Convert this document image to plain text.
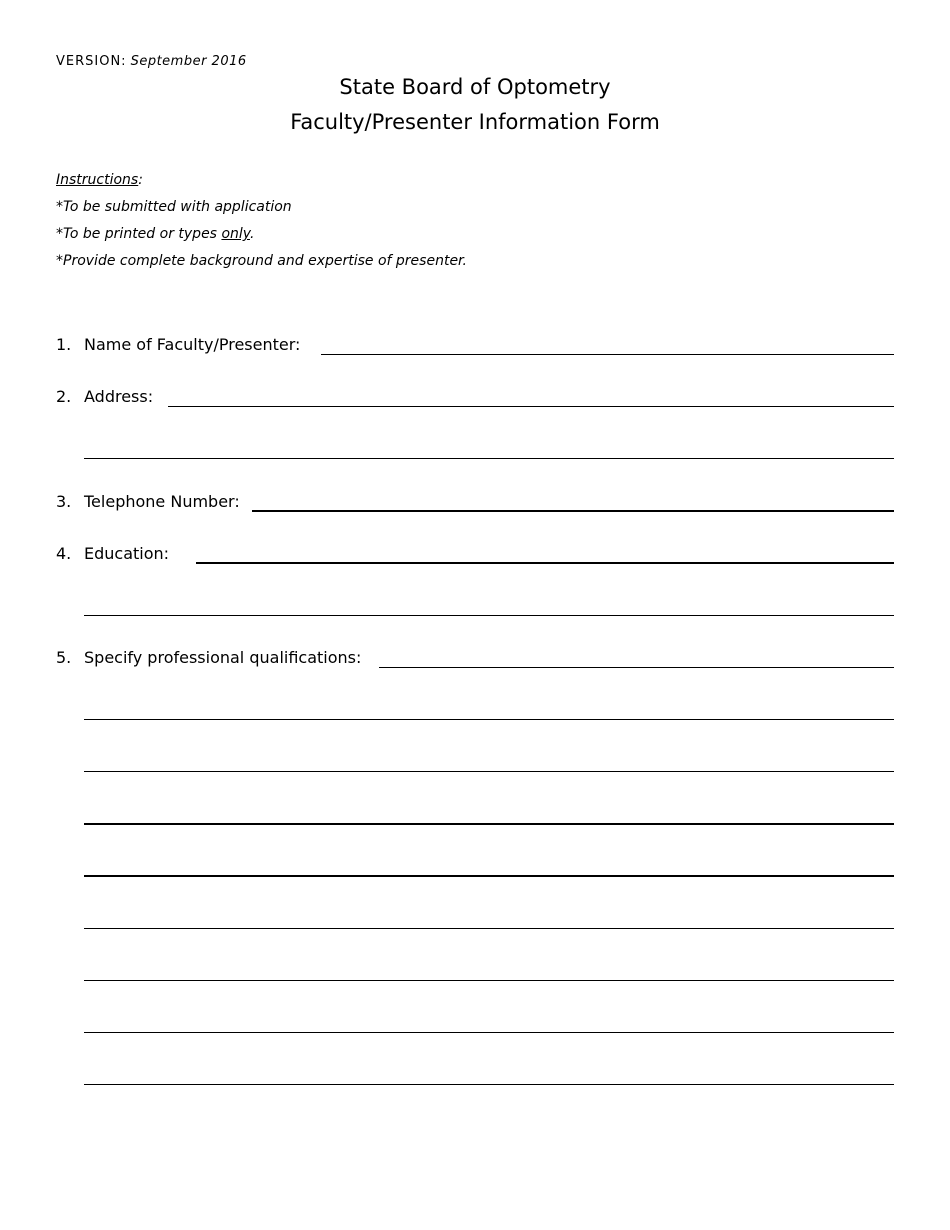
VERSION: September 2016
State Board of Optometry
Faculty/Presenter Information Form
Instructions:
*To be submitted with application
*To be printed or types only.
*Provide complete background and expertise of presenter.
1. Name of Faculty/Presenter:
2. Address:
3. Telephone Number:
4. Education:
5. Specify professional qualifications:
